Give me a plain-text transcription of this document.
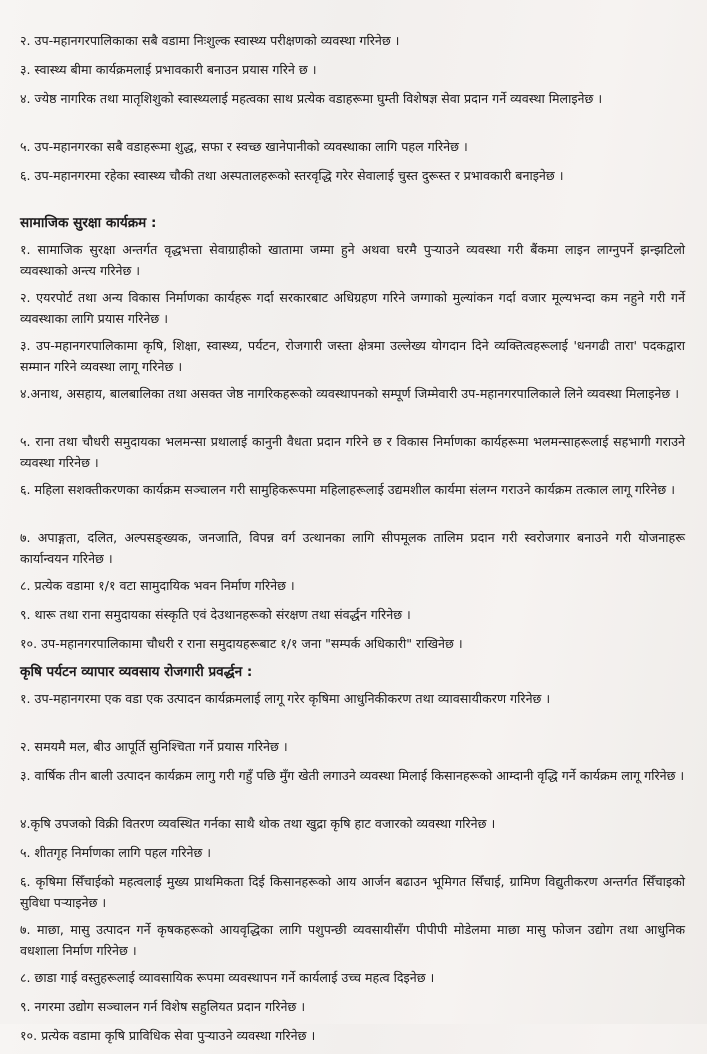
२. उप-महानगरपालिकाका सबै वडामा निःशुल्क स्वास्थ्य परीक्षणको व्यवस्था गरिनेछ ।

३. स्वास्थ्य बीमा कार्यक्रमलाई प्रभावकारी बनाउन प्रयास गरिने छ ।

४. ज्येष्ठ नागरिक तथा मातृशिशुको स्वास्थ्यलाई महत्वका साथ प्रत्येक वडाहरूमा घुम्ती विशेषज्ञ सेवा प्रदान गर्ने व्यवस्था मिलाइनेछ ।

५. उप-महानगरका सबै वडाहरूमा शुद्ध, सफा र स्वच्छ खानेपानीको व्यवस्थाका लागि पहल गरिनेछ ।

६. उप-महानगरमा रहेका स्वास्थ्य चौकी तथा अस्पतालहरूको स्तरवृद्धि गरेर सेवालाई चुस्त दुरूस्त र प्रभावकारी बनाइनेछ ।

सामाजिक सुरक्षा कार्यक्रम :

१. सामाजिक सुरक्षा अन्तर्गत वृद्धभत्ता सेवाग्राहीको खातामा जम्मा हुने अथवा घरमै पुऱ्याउने व्यवस्था गरी बैंकमा लाइन लाग्नुपर्ने झन्झटिलो व्यवस्थाको अन्त्य गरिनेछ ।

२. एयरपोर्ट तथा अन्य विकास निर्माणका कार्यहरू गर्दा सरकारबाट अधिग्रहण गरिने जग्गाको मुल्यांकन गर्दा वजार मूल्यभन्दा कम नहुने गरी गर्ने व्यवस्थाका लागि प्रयास गरिनेछ ।

३. उप-महानगरपालिकामा कृषि, शिक्षा, स्वास्थ्य, पर्यटन, रोजगारी जस्ता क्षेत्रमा उल्लेख्य योगदान दिने व्यक्तित्वहरूलाई 'धनगढी तारा' पदकद्वारा सम्मान गरिने व्यवस्था लागू गरिनेछ ।

४.अनाथ, असहाय, बालबालिका तथा असक्त जेष्ठ नागरिकहरूको व्यवस्थापनको सम्पूर्ण जिम्मेवारी उप-महानगरपालिकाले लिने व्यवस्था मिलाइनेछ ।

५. राना तथा चौधरी समुदायका भलमन्सा प्रथालाई कानुनी वैधता प्रदान गरिने छ र विकास निर्माणका कार्यहरूमा भलमन्साहरूलाई सहभागी गराउने व्यवस्था गरिनेछ ।

६. महिला सशक्तीकरणका कार्यक्रम सञ्चालन गरी सामुहिकरूपमा महिलाहरूलाई उद्यमशील कार्यमा संलग्न गराउने कार्यक्रम तत्काल लागू गरिनेछ ।

७. अपाङ्गता, दलित, अल्पसङ्ख्यक, जनजाति, विपन्न वर्ग उत्थानका लागि सीपमूलक तालिम प्रदान गरी स्वरोजगार बनाउने गरी योजनाहरू कार्यान्वयन गरिनेछ ।

८. प्रत्येक वडामा १/१ वटा सामुदायिक भवन निर्माण गरिनेछ ।

९. थारू तथा राना समुदायका संस्कृति एवं देउथानहरूको संरक्षण तथा संवर्द्धन गरिनेछ ।

१०. उप-महानगरपालिकामा चौधरी र राना समुदायहरूबाट १/१ जना "सम्पर्क अधिकारी" राखिनेछ ।

कृषि पर्यटन व्यापार व्यवसाय रोजगारी प्रवर्द्धन :

१. उप-महानगरमा एक वडा एक उत्पादन कार्यक्रमलाई लागू गरेर कृषिमा आधुनिकीकरण तथा व्यावसायीकरण गरिनेछ ।

२. समयमै मल, बीउ आपूर्ति सुनिश्चिता गर्ने प्रयास गरिनेछ ।

३. वार्षिक तीन बाली उत्पादन कार्यक्रम लागु गरी गहुँ पछि मुँग खेती लगाउने व्यवस्था मिलाई किसानहरूको आम्दानी वृद्धि गर्ने कार्यक्रम लागू गरिनेछ ।

४.कृषि उपजको विक्री वितरण व्यवस्थित गर्नका साथै थोक तथा खुद्रा कृषि हाट वजारको व्यवस्था गरिनेछ ।

५. शीतगृह निर्माणका लागि पहल गरिनेछ ।

६. कृषिमा सिँचाईको महत्वलाई मुख्य प्राथमिकता दिई किसानहरूको आय आर्जन बढाउन भूमिगत सिँचाई, ग्रामिण विद्युतीकरण अन्तर्गत सिँचाइको सुविधा पऱ्याइनेछ ।

७. माछा, मासु उत्पादन गर्ने कृषकहरूको आयवृद्धिका लागि पशुपन्छी व्यवसायीसँग पीपीपी मोडेलमा माछा मासु फोजन उद्योग तथा आधुनिक वधशाला निर्माण गरिनेछ ।

८. छाडा गाई वस्तुहरूलाई व्यावसायिक रूपमा व्यवस्थापन गर्ने कार्यलाई उच्च महत्व दिइनेछ ।

९. नगरमा उद्योग सञ्चालन गर्न विशेष सहुलियत प्रदान गरिनेछ ।

१०. प्रत्येक वडामा कृषि प्राविधिक सेवा पुऱ्याउने व्यवस्था गरिनेछ ।
